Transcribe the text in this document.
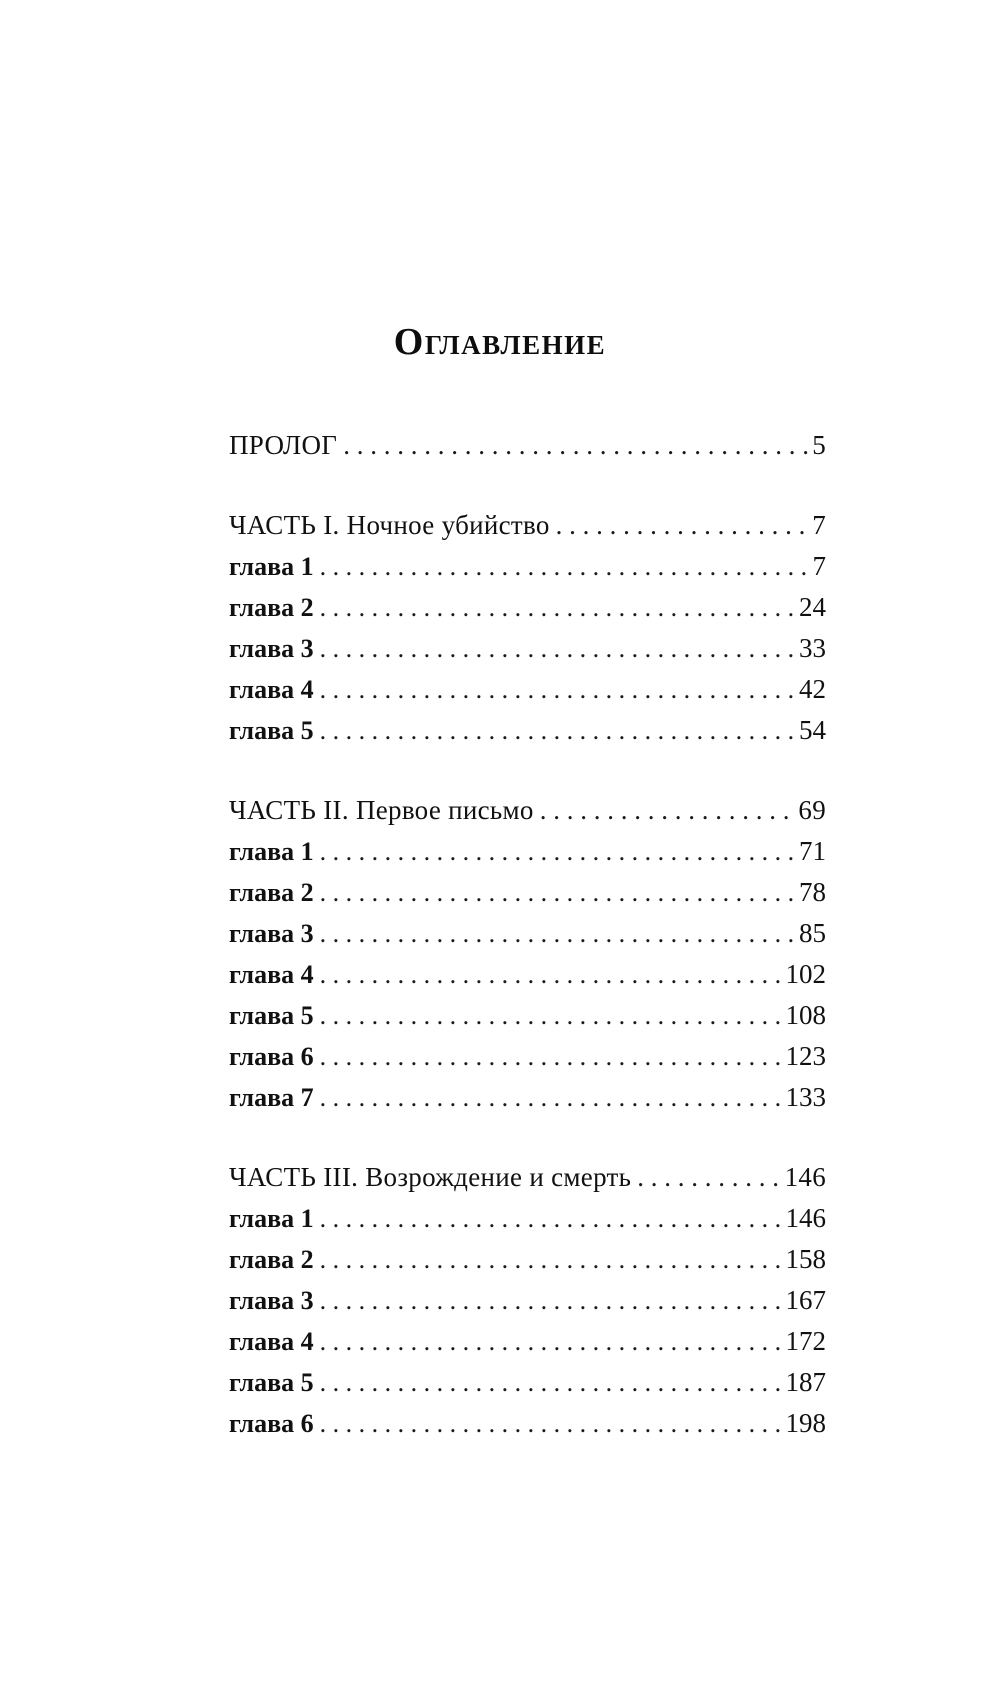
Оглавление
ПРОЛОГ . . .	5
ЧАСТЬ I. Ночное убийство . . .	7
глава 1 . . .	7
глава 2 . . .	24
глава 3 . . .	33
глава 4 . . .	42
глава 5 . . .	54
ЧАСТЬ II. Первое письмо . . .	69
глава 1 . . .	71
глава 2 . . .	78
глава 3 . . .	85
глава 4 . . .	102
глава 5 . . .	108
глава 6 . . .	123
глава 7 . . .	133
ЧАСТЬ III. Возрождение и смерть . . .	146
глава 1 . . .	146
глава 2 . . .	158
глава 3 . . .	167
глава 4 . . .	172
глава 5 . . .	187
глава 6 . . .	198
